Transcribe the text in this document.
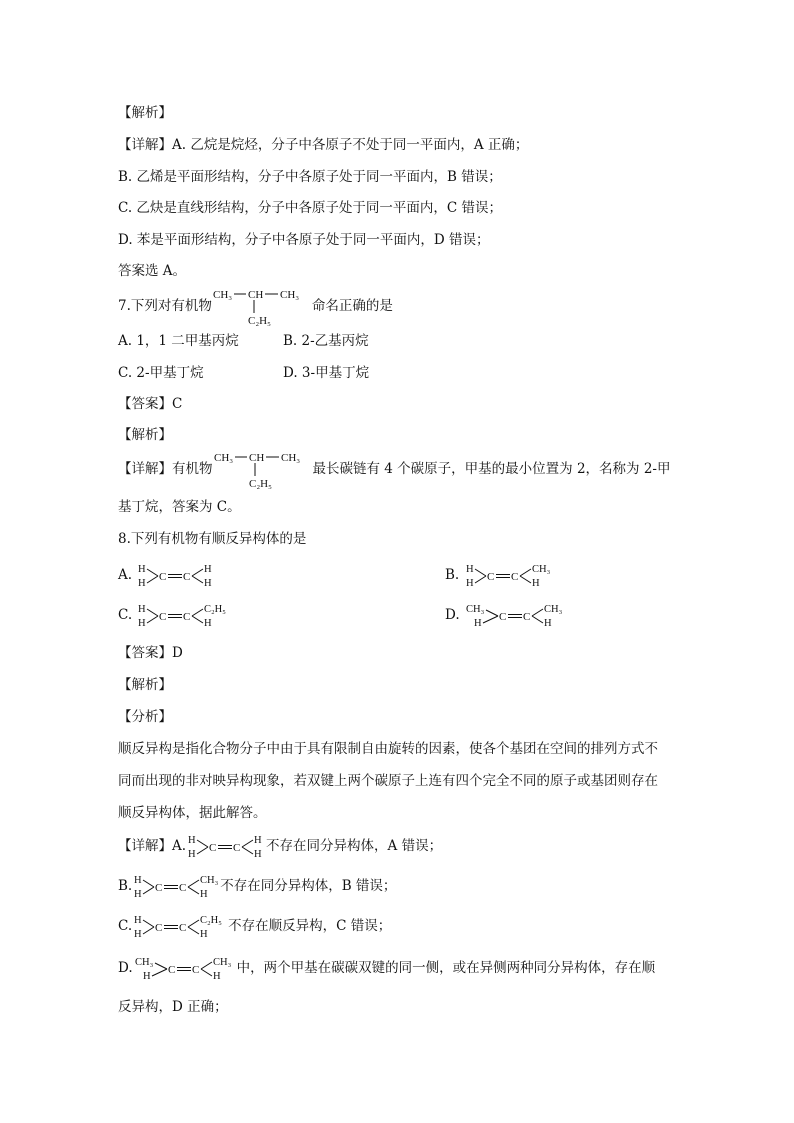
【解析】
【详解】A. 乙烷是烷烃，分子中各原子不处于同一平面内，A 正确；
B. 乙烯是平面形结构，分子中各原子处于同一平面内，B 错误；
C. 乙炔是直线形结构，分子中各原子处于同一平面内，C 错误；
D. 苯是平面形结构，分子中各原子处于同一平面内，D 错误；
答案选 A。
7.下列对有机物
CH₃ CH CH₃
C₂H₅
命名正确的是
A. 1，1 二甲基丙烷	B. 2-乙基丙烷
C. 2-甲基丁烷	D. 3-甲基丁烷
【答案】C
【解析】
【详解】有机物
CH₃ CH CH₃
C₂H₅
最长碳链有 4 个碳原子，甲基的最小位置为 2，名称为 2-甲
基丁烷，答案为 C。
8.下列有机物有顺反异构体的是
A. H
H
C C
H
H	B. H
H
C C
CH₃
H
C. H
H
C C
C₂H₅
H	D. CH₃
H
C C
CH₃
H
【答案】D
【解析】
【分析】
顺反异构是指化合物分子中由于具有限制自由旋转的因素，使各个基团在空间的排列方式不
同而出现的非对映异构现象，若双键上两个碳原子上连有四个完全不同的原子或基团则存在
顺反异构体，据此解答。
【详解】A. H
H
C C
H
H 不存在同分异构体，A 错误；
B. H
H
C C
CH₃
H 不存在同分异构体，B 错误；
C. H
H
C C
C₂H₅
H 不存在顺反异构，C 错误；
D. CH₃
H
C C
CH₃
H 中，两个甲基在碳碳双键的同一侧，或在异侧两种同分异构体，存在顺
反异构，D 正确；
